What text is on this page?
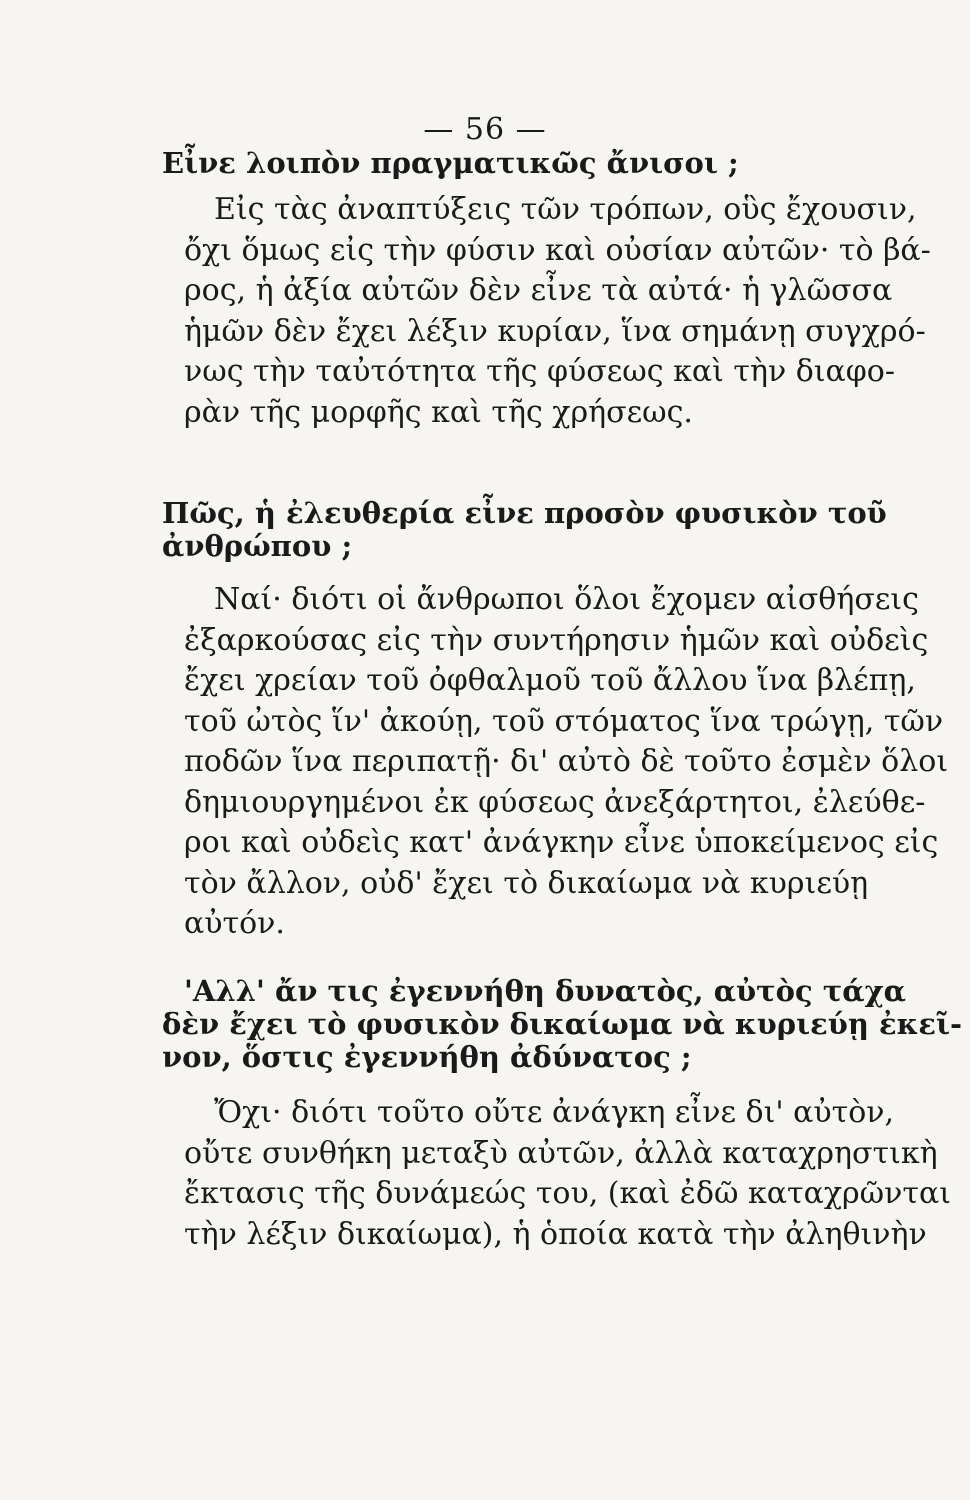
— 56 —
Εἶνε λοιπὸν πραγματικῶς ἄνισοι ;
Εἰς τὰς ἀναπτύξεις τῶν τρόπων, οὓς ἔχουσιν,
ὄχι ὅμως εἰς τὴν φύσιν καὶ οὐσίαν αὐτῶν· τὸ βά-
ρος, ἡ ἀξία αὐτῶν δὲν εἶνε τὰ αὐτά· ἡ γλῶσσα
ἡμῶν δὲν ἔχει λέξιν κυρίαν, ἵνα σημάνῃ συγχρό-
νως τὴν ταὐτότητα τῆς φύσεως καὶ τὴν διαφο-
ρὰν τῆς μορφῆς καὶ τῆς χρήσεως.
Πῶς, ἡ ἐλευθερία εἶνε προσὸν φυσικὸν τοῦ
ἀνθρώπου ;
Ναί· διότι οἱ ἄνθρωποι ὅλοι ἔχομεν αἰσθήσεις
ἐξαρκούσας εἰς τὴν συντήρησιν ἡμῶν καὶ οὐδεὶς
ἔχει χρείαν τοῦ ὀφθαλμοῦ τοῦ ἄλλου ἵνα βλέπῃ,
τοῦ ὠτὸς ἵν' ἀκούῃ, τοῦ στόματος ἵνα τρώγῃ, τῶν
ποδῶν ἵνα περιπατῇ· δι' αὐτὸ δὲ τοῦτο ἐσμὲν ὅλοι
δημιουργημένοι ἐκ φύσεως ἀνεξάρτητοι, ἐλεύθε-
ροι καὶ οὐδεὶς κατ' ἀνάγκην εἶνε ὑποκείμενος εἰς
τὸν ἄλλον, οὐδ' ἔχει τὸ δικαίωμα νὰ κυριεύῃ
αὐτόν.
'Αλλ' ἄν τις ἐγεννήθη δυνατὸς, αὐτὸς τάχα
δὲν ἔχει τὸ φυσικὸν δικαίωμα νὰ κυριεύῃ ἐκεῖ-
νον, ὅστις ἐγεννήθη ἀδύνατος ;
Ὄχι· διότι τοῦτο οὔτε ἀνάγκη εἶνε δι' αὐτὸν,
οὔτε συνθήκη μεταξὺ αὐτῶν, ἀλλὰ καταχρηστικὴ
ἔκτασις τῆς δυνάμεώς του, (καὶ ἐδῶ καταχρῶνται
τὴν λέξιν δικαίωμα), ἡ ὁποία κατὰ τὴν ἀληθινὴν
